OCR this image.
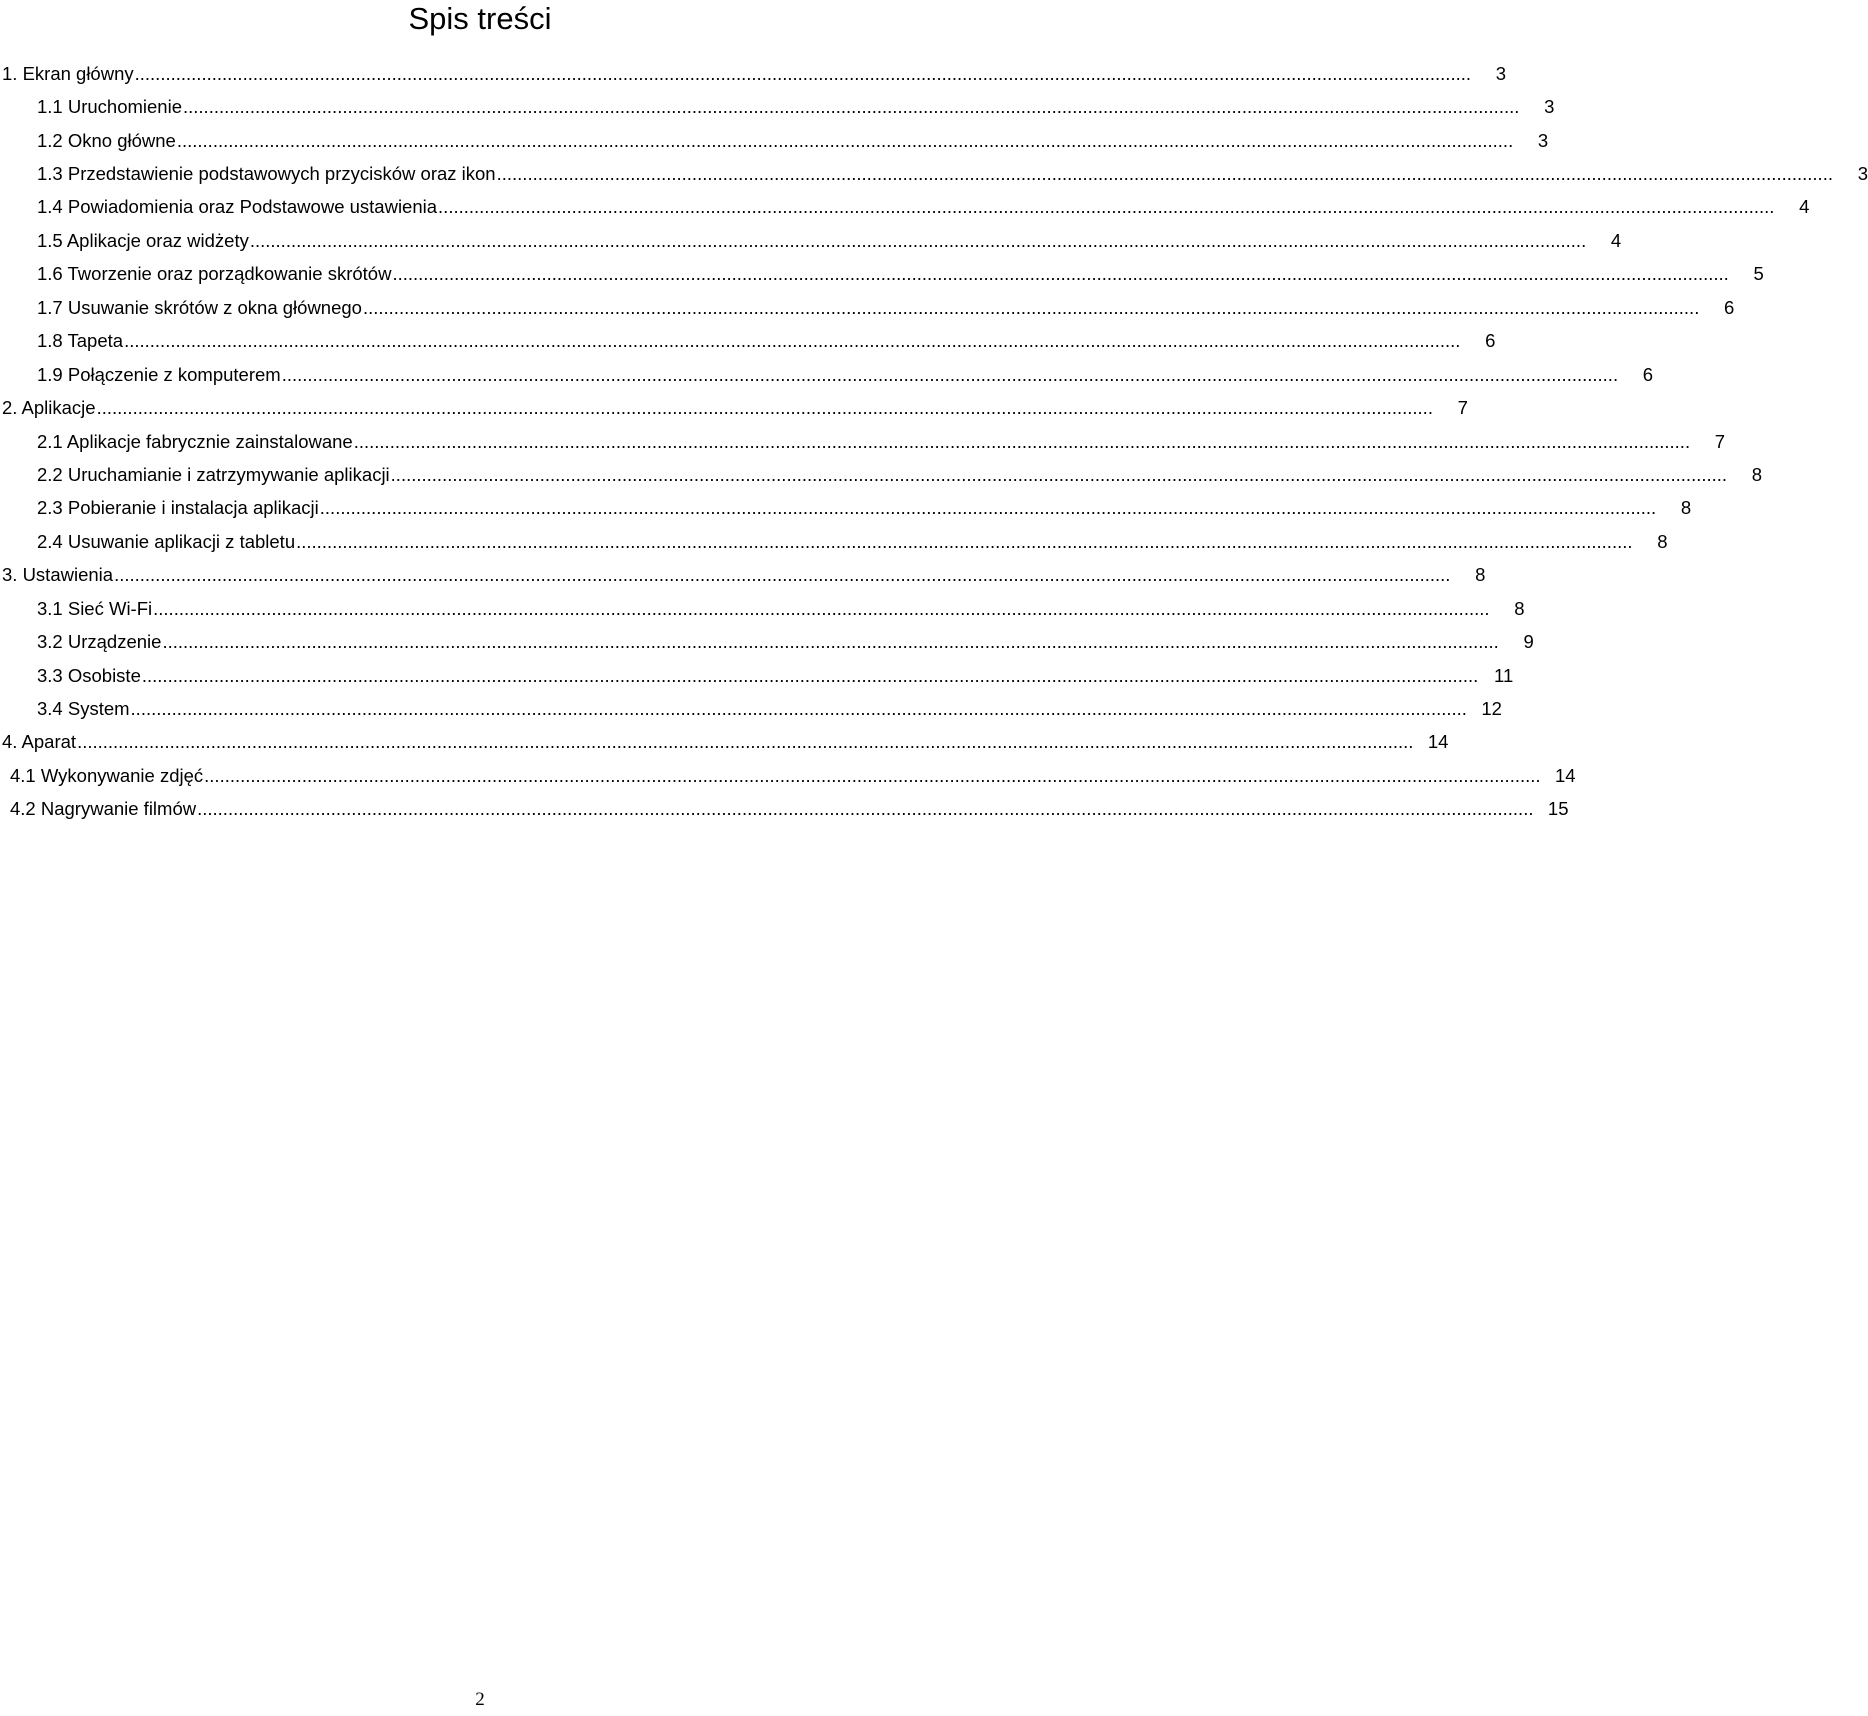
Spis treści
1. Ekran główny .....	3
1.1 Uruchomienie .....	3
1.2 Okno główne .....	3
1.3 Przedstawienie podstawowych przycisków oraz ikon .....	3
1.4 Powiadomienia oraz Podstawowe ustawienia .....	4
1.5 Aplikacje oraz widżety .....	4
1.6 Tworzenie oraz porządkowanie skrótów .....	5
1.7 Usuwanie skrótów z okna głównego .....	6
1.8 Tapeta .....	6
1.9 Połączenie z komputerem .....	6
2. Aplikacje .....	7
2.1 Aplikacje fabrycznie zainstalowane .....	7
2.2 Uruchamianie i zatrzymywanie aplikacji .....	8
2.3 Pobieranie i instalacja aplikacji .....	8
2.4 Usuwanie aplikacji z tabletu .....	8
3. Ustawienia .....	8
3.1 Sieć Wi-Fi .....	8
3.2 Urządzenie .....	9
3.3 Osobiste .....	11
3.4 System .....	12
4. Aparat .....	14
4.1 Wykonywanie zdjęć .....	14
4.2 Nagrywanie filmów .....	15
2
